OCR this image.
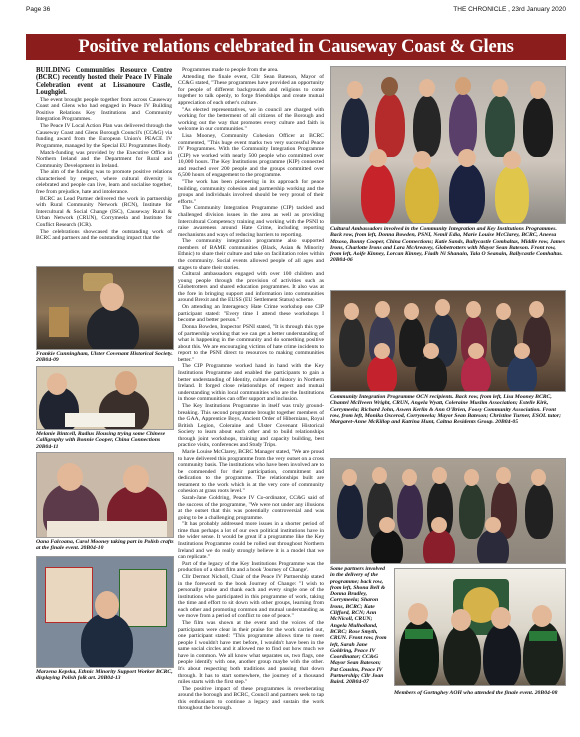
Page 36	THE CHRONICLE , 23rd January 2020
Positive relations celebrated in Causeway Coast & Glens

BUILDING Communities Resource Centre (BCRC) recently hosted their Peace IV Finale Celebration event at Lissanoure Castle, Loughgiel.

The event brought people together from across Causeway Coast and Glens who had engaged in Peace IV Building Positive Relations Key Institutions and Community Integration Programmes.

The Peace IV Local Action Plan was delivered through the Causeway Coast and Glens Borough Council's (CC&G) via funding award from the European Union's PEACE IV Programme, managed by the Special EU Programmes Body.

Match-funding was provided by the Executive Office in Northern Ireland and the Department for Rural and Community Development in Ireland.

The aim of the funding was to promote positive relations characterised by respect, where cultural diversity is celebrated and people can live, learn and socialise together, free from prejudice, hate and intolerance.

BCRC as Lead Partner delivered the work in partnership with Rural Community Network (RCN), Institute for Intercultural & Social Change (ISC), Causeway Rural & Urban Network (CRUN), Corrymeela and Institute for Conflict Research (ICR).

The celebrations showcased the outstanding work of BCRC and partners and the outstanding impact that the

Frankie Cunningham, Ulster Covenant Historical Society. 20B04-09
Melanie Bintcell, Radius Housing trying some Chinese Calligraphy with Bonnie Cooper, China Connections 20B04-11
Oana Falcoana, Carol Mooney taking part in Polish crafts at the finale event. 20B04-10
Marzena Kepska, Ethnic Minority Support Worker BCRC, displaying Polish folk art. 20B04-13

Programmes made to people from the area.

Attending the finale event, Cllr Sean Bateson, Mayor of CC&G stated, "These programmes have provided an opportunity for people of different backgrounds and religions to come together to talk openly, to forge friendships and create mutual appreciation of each other's culture.

"As elected representatives, we in council are charged with working for the betterment of all citizens of the Borough and working out the way that promotes every culture and faith is welcome in our communities."

Lisa Mooney, Community Cohesion Officer at BCRC commented, "This huge event marks two very successful Peace IV Programmes. With the Community Integration Programme (CIP) we worked with nearly 500 people who committed over 10,000 hours. The Key Institutions programme (KIP) connected and reached over 200 people and the groups committed over 6,500 hours of engagement to the programme.

"The work has been pioneering in its approach for peace building, community cohesion and partnership working and the groups and individuals involved should be very proud of their efforts."

The Community Integration Programme (CIP) tackled and challenged division issues in the area as well as providing Intercultural Competency training and working with the PSNI to raise awareness around Hate Crime, including reporting mechanisms and ways of reducing barriers to reporting.

The community integration programme also supported members of BAME communities (Black, Asian & Minority Ethnic) to share their culture and take on facilitation roles within the community. Social events allowed people of all ages and stages to share their stories.

Cultural ambassadors engaged with over 100 children and young people through the provision of activities such as Globetrotters and shared education programmes. It also was at the fore in bringing support and information into communities around Brexit and the EUSS (EU Settlement Status) scheme.

On attending an Interagency Hate Crime workshop one CIP participant stated: "Every time I attend these workshops I become and better person."

Donna Bowden, Inspector PSNI stated, "It is through this type of partnership working that we can get a better understanding of what is happening in the community and do something positive about this. We are encouraging victims of hate crime incidents to report to the PSNI direct to resources to making communities better."

The CIP Programme worked hand in hand with the Key Institutions Programme and enabled the participants to gain a better understanding of Identity, culture and history in Northern Ireland. It forged close relationships of respect and mutual understanding within local communities who are the Institutions in those communities can offer support and inclusion.

The Key Institutions Programme in itself was truly ground-breaking. This second programme brought together members of the GAA, Apprentice Boys, Ancient Order of Hibernians, Royal British Legion, Coleraine and Ulster Covenant Historical Society to learn about each other and to build relationships through joint workshops, training and capacity building, best practice visits, conferences and Study Trips.

Marie Louise McClarey, BCRC Manager stated, "We are proud to have delivered this programme from the very outset on a cross community basis. The institutions who have been involved are to be commended for their participation, commitment and dedication to the programme. The relationships built are testament to the work which is at the very core of community cohesion at grass roots level."

Sarah-Jane Goldring, Peace IV Co-ordinator, CC&G said of the success of the programme, "We were not under any illusions at the outset that this was potentially controversial and was going to be a challenging programme.

"It has probably addressed more issues in a shorter period of time than perhaps a lot of our own political institutions have in the wider sense. It would be great if a programme like the Key Institutions Programme could be rolled out throughout Northern Ireland and we do really strongly believe it is a model that we can replicate."

Part of the legacy of the Key Institutions Programme was the production of a short film and a book 'Journey of Change'.

Cllr Dermot Nicholl, Chair of the Peace IV Partnership stated in the foreword to the book Journey of Change: "I wish to personally praise and thank each and every single one of the institutions who participated in this programme of work, taking the time and effort to sit down with other groups, learning from each other and promoting common and mutual understanding as we move from a period of conflict to one of peace."

The film was shown at the event and the voices of the participants were clear in their praise for the work carried out, one participant stated: "This programme allows time to meet people I wouldn't have met before, I wouldn't have been in the same social circles and it allowed me to find out how much we have in common. We all know what separates us, two flags, one people identify with one, another group maybe with the other. It's about respecting both traditions and passing that down through. It has to start somewhere, the journey of a thousand miles starts with the first step."

The positive impact of these programmes is reverberating around the borough and BCRC, Council and partners seek to tap this enthusiasm to continue a legacy and sustain the work throughout the borough.

Cultural Ambassadors involved in the Community Integration and Key Institutions Programmes. Back row, from left, Donna Bowden, PSNI, Nemil Edia, Marie Louise McClarey, BCRC, Aneesa Mtsoso, Bonny Cooper, China Connections; Katie Sands, Ballycastle Comhaltas, Middle row, James Irons, Charlotte Irons and Lara McAreavey, Globetrotters with Mayor Sean Bateson. Front row, from left, Aoife Kinney, Lorcan Kinney, Fiadh Ni Shanain, Tala O Seanain, Ballycastle Comhaltas. 20B04-06
Community Integration Programme OCN recipients. Back row, from left, Lisa Mooney BCRC, Chantel McIlveen Wright, CRUN, Angela Wyatt, Coleraine Muslim Association; Estelle Kirk, Corrymeela; Richard John, Aswen Kerlin & Ann O'Brien, Foosy Community Association. Front row, from left, Monika Oscerod, Corrymeela; Mayor Sean Bateson; Christine Turner, ESOL tutor; Margaret-Anne McKillop and Katrina Hunt, Caltna Residents Group. 20B04-05
Some partners involved in the delivery of the programme; back row, from left, Shona Bell & Donna Bradley, Corrymeela; Sharon Irons, BCRC; Kate Clifford, RCN; Ann McNicoll, CRUN; Angela Mulholland, BCRC; Rose Smyth, CRUN. Front row, from left, Sarah Jane Goldring, Peace IV Coordinator; CC&G Mayor Sean Bateson; Pat Cousins, Peace IV Partnership; Cllr Joan Baird. 20B04-07
Members of Gortnghey AOH who attended the finale event. 20B04-08
